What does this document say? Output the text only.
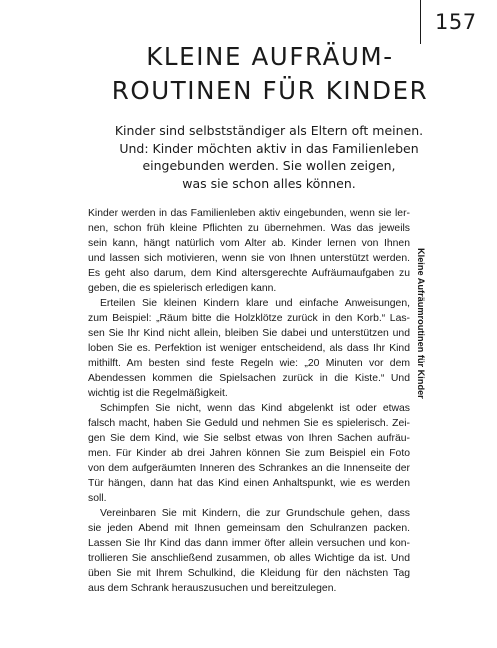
157
KLEINE AUFRÄUM-
ROUTINEN FÜR KINDER

Kinder sind selbstständiger als Eltern oft meinen.
Und: Kinder möchten aktiv in das Familienleben
eingebunden werden. Sie wollen zeigen,
was sie schon alles können.

Kinder werden in das Familienleben aktiv eingebunden, wenn sie ler-
nen, schon früh kleine Pflichten zu übernehmen. Was das jeweils
sein kann, hängt natürlich vom Alter ab. Kinder lernen von Ihnen
und lassen sich motivieren, wenn sie von Ihnen unterstützt werden.
Es geht also darum, dem Kind altersgerechte Aufräumaufgaben zu
geben, die es spielerisch erledigen kann.

Erteilen Sie kleinen Kindern klare und einfache Anweisungen,
zum Beispiel: „Räum bitte die Holzklötze zurück in den Korb.“ Las-
sen Sie Ihr Kind nicht allein, bleiben Sie dabei und unterstützen und
loben Sie es. Perfektion ist weniger entscheidend, als dass Ihr Kind
mithilft. Am besten sind feste Regeln wie: „20 Minuten vor dem
Abendessen kommen die Spielsachen zurück in die Kiste.“ Und
wichtig ist die Regelmäßigkeit.

Schimpfen Sie nicht, wenn das Kind abgelenkt ist oder etwas
falsch macht, haben Sie Geduld und nehmen Sie es spielerisch. Zei-
gen Sie dem Kind, wie Sie selbst etwas von Ihren Sachen aufräu-
men. Für Kinder ab drei Jahren können Sie zum Beispiel ein Foto
von dem aufgeräumten Inneren des Schrankes an die Innenseite der
Tür hängen, dann hat das Kind einen Anhaltspunkt, wie es werden
soll.

Vereinbaren Sie mit Kindern, die zur Grundschule gehen, dass
sie jeden Abend mit Ihnen gemeinsam den Schulranzen packen.
Lassen Sie Ihr Kind das dann immer öfter allein versuchen und kon-
trollieren Sie anschließend zusammen, ob alles Wichtige da ist. Und
üben Sie mit Ihrem Schulkind, die Kleidung für den nächsten Tag
aus dem Schrank herauszusuchen und bereitzulegen.

Kleine Aufräumroutinen für Kinder
